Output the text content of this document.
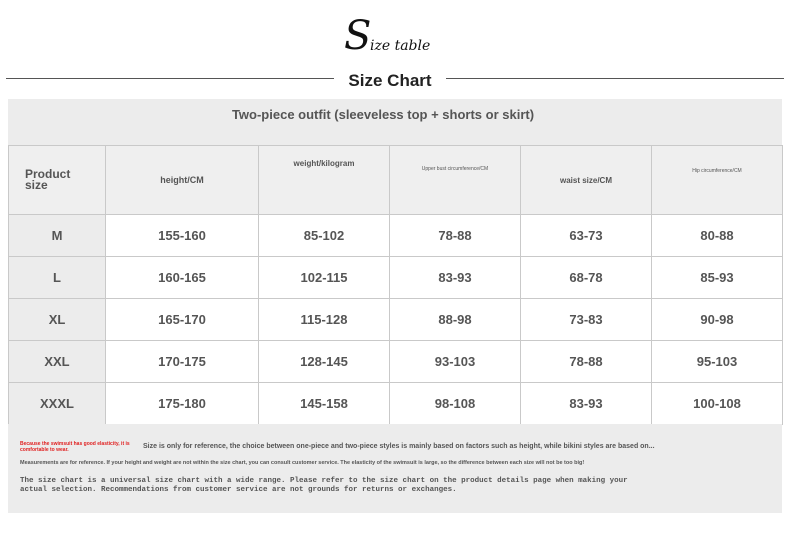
S
ize table
Size Chart
Two-piece outfit (sleeveless top + shorts or skirt)
Product
size	height/CM	weight/kilogram	Upper bust circumference/CM	waist size/CM	Hip circumference/CM
M	155-160	85-102	78-88	63-73	80-88
L	160-165	102-115	83-93	68-78	85-93
XL	165-170	115-128	88-98	73-83	90-98
XXL	170-175	128-145	93-103	78-88	95-103
XXXL	175-180	145-158	98-108	83-93	100-108
Because the swimsuit has good elasticity, it is comfortable to wear.	Size is only for reference, the choice between one-piece and two-piece styles is mainly based on factors such as height, while bikini styles are based on...
Measurements are for reference. If your height and weight are not within the size chart, you can consult customer service. The elasticity of the swimsuit is large, so the difference between each size will not be too big!
The size chart is a universal size chart with a wide range. Please refer to the size chart on the product details page when making your actual selection. Recommendations from customer service are not grounds for returns or exchanges.
